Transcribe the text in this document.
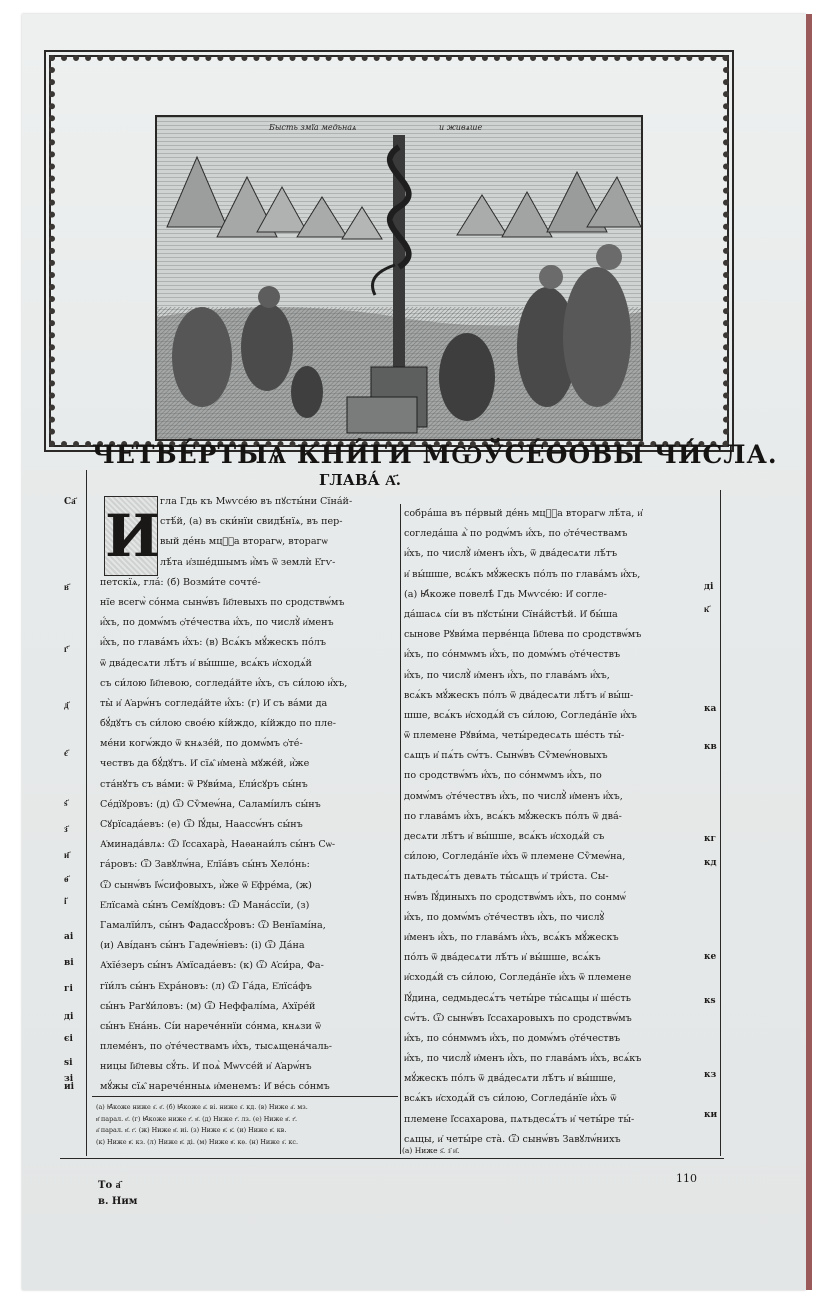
Бысть змїа медьнаѧ	и живѧше
ЧЕТВЕ́РТЫѦ КНИ́ГИ МѠЎСЕ́ѲОВЫ ЧИ́СЛА.
ГЛАВА́ А҃.
И
гла Гдь къ Мѡѵсе́ю въ пꙋсты́ни Сїна́й-
стѣ́й, (а) въ ски́нїи свидѣ́нїѧ, въ пер-
вый де́нь мцⷭ҇а вторагѡ, вторагѡ
лѣ́та и҆зше́дшымъ и҆̀мъ ѿ землѝ Е҆гѵ-
петскїѧ, гла́: (б) Возми́те сочте́-
нїе всегѡ̀ со́нма сынѡ́въ І҆и҃левыхъ по сродствѡ́мъ
и҆́хъ, по домѡ́мъ ѻ҆те́чества и҆́хъ, по числꙋ̀ и҆менъ
и҆́хъ, по глава́мъ и҆́хъ: (в) Всѧ́къ мꙋ́жескъ по́лъ
ѿ два́десѧти лѣ́тъ и҆ вы́шше, всѧ́къ и҆сходѧ́й
съ си́лою І҆и҃левою, согледа́йте и҆́хъ, съ си́лою и҆́хъ,
ты̀ и҆ А҆арѡ́нъ согледа́йте и҆́хъ: (г) И҆ съ ва́ми да
бꙋ́дꙋтъ съ си́лою свое́ю кі́йждо, кі́йждо по пле-
ме́ни когѡ́ждо ѿ кнѧзе́й, по домѡ́мъ ѻ҆те́-
чествъ да бꙋ́дꙋтъ. И҆ сїѧ̑ и҆мена̀ мꙋже́й, и҆̀же
ста́нꙋтъ съ ва́ми: ѿ Рꙋви́ма, Е҆ли́сꙋръ сы́нъ
Се́дїꙋровъ: (д) Ѿ Сѷмеѡ́на, Саламі́илъ сы́нъ
Сꙋрїсада́евъ: (е) Ѿ І҆ꙋ́ды, Наассѡ́нъ сы́нъ
А҆минада́влѧ: Ѿ І҆ссахара̀, Наѳанаи́лъ сы́нъ Сѡ-
га́ровъ: Ѿ Завꙋлѡ́на, Е҆лїа́въ сы́нъ Хело́нь:
Ѿ сынѡ́въ І҆ѡ́сифовыхъ, и҆̀же ѿ Е҆фре́ма, (ж)
Е҆лїсама̀ сы́нъ Семі́ꙋдовъ: Ѿ Мана́ссїи, (з)
Гамалїи́лъ, сы́нъ Фадассꙋ́ровъ: Ѿ Венїамі́на,
(и) Аві́данъ сы́нъ Гадеѡ́ніевъ: (і) Ѿ Да́на
А҆хїе́зеръ сы́нъ А҆мїсада́евъ: (к) Ѿ А҆си́ра, Фа-
гїи́лъ сы́нъ Е҆хра́новъ: (л) Ѿ Га́да, Е҆лїса́фъ
сы́нъ Рагꙋи́ловъ: (м) Ѿ Неффалі́ма, А҆хїре́й
сы́нъ Е҆на́нь. Сі́и нарече́ннїи со́нма, кнѧзи ѿ
племе́нъ, по ѻ҆те́чествамъ и҆́хъ, тысѧщена́чаль-
ницы І҆и҃левы сꙋ́ть. И҆ поѧ̀ Мѡѵсе́й и҆ А҆арѡ́нъ
мꙋ́жы сїѧ̑ нарече́нныѧ и҆менемъ: И҆ ве́сь со́нмъ
собра́ша въ пе́рвый де́нь мцⷭ҇а вторагѡ лѣ́та, и҆
согледа́ша ѧ҆̀ по родѡ́мъ и҆́хъ, по ѻ҆те́чествамъ
и҆́хъ, по числꙋ̀ и҆менъ и҆́хъ, ѿ два́десѧти лѣ́тъ
и҆ вы́шше, всѧ́къ мꙋ́жескъ по́лъ по глава́мъ и҆́хъ,
(а) Ꙗ҆́коже повелѣ̀ Гдь Мѡѵсе́ю: И҆ согле-
да́шасѧ сі́и въ пꙋсты́ни Сїна́йстѣй. И҆ бы́ша
сынове Рꙋви́ма перве́нца І҆и҃лева по сродствѡ́мъ
и҆́хъ, по со́нмѡмъ и҆́хъ, по домѡ́мъ ѻ҆те́чествъ
и҆́хъ, по числꙋ̀ и҆менъ и҆́хъ, по глава́мъ и҆́хъ,
всѧ́къ мꙋ́жескъ по́лъ ѿ два́десѧти лѣ́тъ и҆ вы́ш-
шше, всѧ́къ и҆сходѧ́й съ си́лою, Согледа́нїе и҆́хъ
ѿ племене Рꙋви́ма, четы́редесѧть ше́сть ты́-
сѧщъ и҆ пѧ́ть сѡ́тъ. Сынѡ́въ Сѷмеѡ́новыхъ
по сродствѡ́мъ и҆́хъ, по со́нмѡмъ и҆́хъ, по
домѡ́мъ ѻ҆те́чествъ и҆́хъ, по числꙋ̀ и҆менъ и҆́хъ,
по глава́мъ и҆́хъ, всѧ́къ мꙋ́жескъ по́лъ ѿ два́-
десѧти лѣ́тъ и҆ вы́шше, всѧ́къ и҆сходѧ́й съ
си́лою, Согледа́нїе и҆́хъ ѿ племене Сѷмеѡ́на,
пѧтьдесѧ́тъ девѧть ты́сѧщъ и҆ три́ста. Сы-
нѡ́въ І҆ꙋ́диныхъ по сродствѡ́мъ и҆́хъ, по сонмѡ́
и҆́хъ, по домѡ́мъ ѻ҆те́чествъ и҆́хъ, по числꙋ̀
и҆менъ и҆́хъ, по глава́мъ и҆́хъ, всѧ́къ мꙋ́жескъ
по́лъ ѿ два́десѧти лѣ́тъ и҆ вы́шше, всѧ́къ
и҆сходѧ́й съ си́лою, Согледа́нїе и҆́хъ ѿ племене
І҆ꙋ́дина, седмьдесѧ́тъ четы́ре ты́сѧщы и҆ ше́сть
сѡ́тъ. Ѿ сынѡ́въ І҆ссахаровыхъ по сродствѡ́мъ
и҆́хъ, по со́нмѡмъ и҆́хъ, по домѡ́мъ ѻ҆те́чествъ
и҆́хъ, по числꙋ̀ и҆менъ и҆́хъ, по глава́мъ и҆́хъ, всѧ́къ
мꙋ́жескъ по́лъ ѿ два́десѧти лѣ́тъ и҆ вы́шше,
всѧ́къ и҆сходѧ́й съ си́лою, Согледа́нїе и҆́хъ ѿ
племене І҆ссахарова, пѧтьдесѧ́тъ и҆ четы́ре ты́-
сѧщы, и҆ четы́ре ста̀. Ѿ сынѡ́въ Завꙋлѡ́нихъ
Са҃
в҃
г҃
д҃
є҃
ѕ҃
з҃
и҃
ѳ҃
і҃
аі
ві
гі
ді
єі
ѕі
зі
иі
ді
к҃
ка
кв
кг
кд
ке
кѕ
кз
ки
(а) Ꙗ҆́коже ниже ѕ҃. е҃. (б) Ꙗ҆́коже а҃. ві. ниже ѕ҃. кд. (в) Ниже а҃. мз.
в҃ парал. е҃. (г) Ꙗ҆́коже ниже г҃. в҃. (д) Ниже г҃. лз. (е) Ниже в҃. г҃.
а҃ парал. в҃. г҃. (ж) Ниже в҃. иі. (з) Ниже в҃. к҃. (и) Ниже в҃. кв.
(к) Ниже в҃. кз. (л) Ниже в҃. ді. (м) Ниже в҃. кѳ. (н) Ниже ѕ҃. кс.
(а) Ниже ѕ҃. з҃ и҃.
110
То а҃
в. Ним
